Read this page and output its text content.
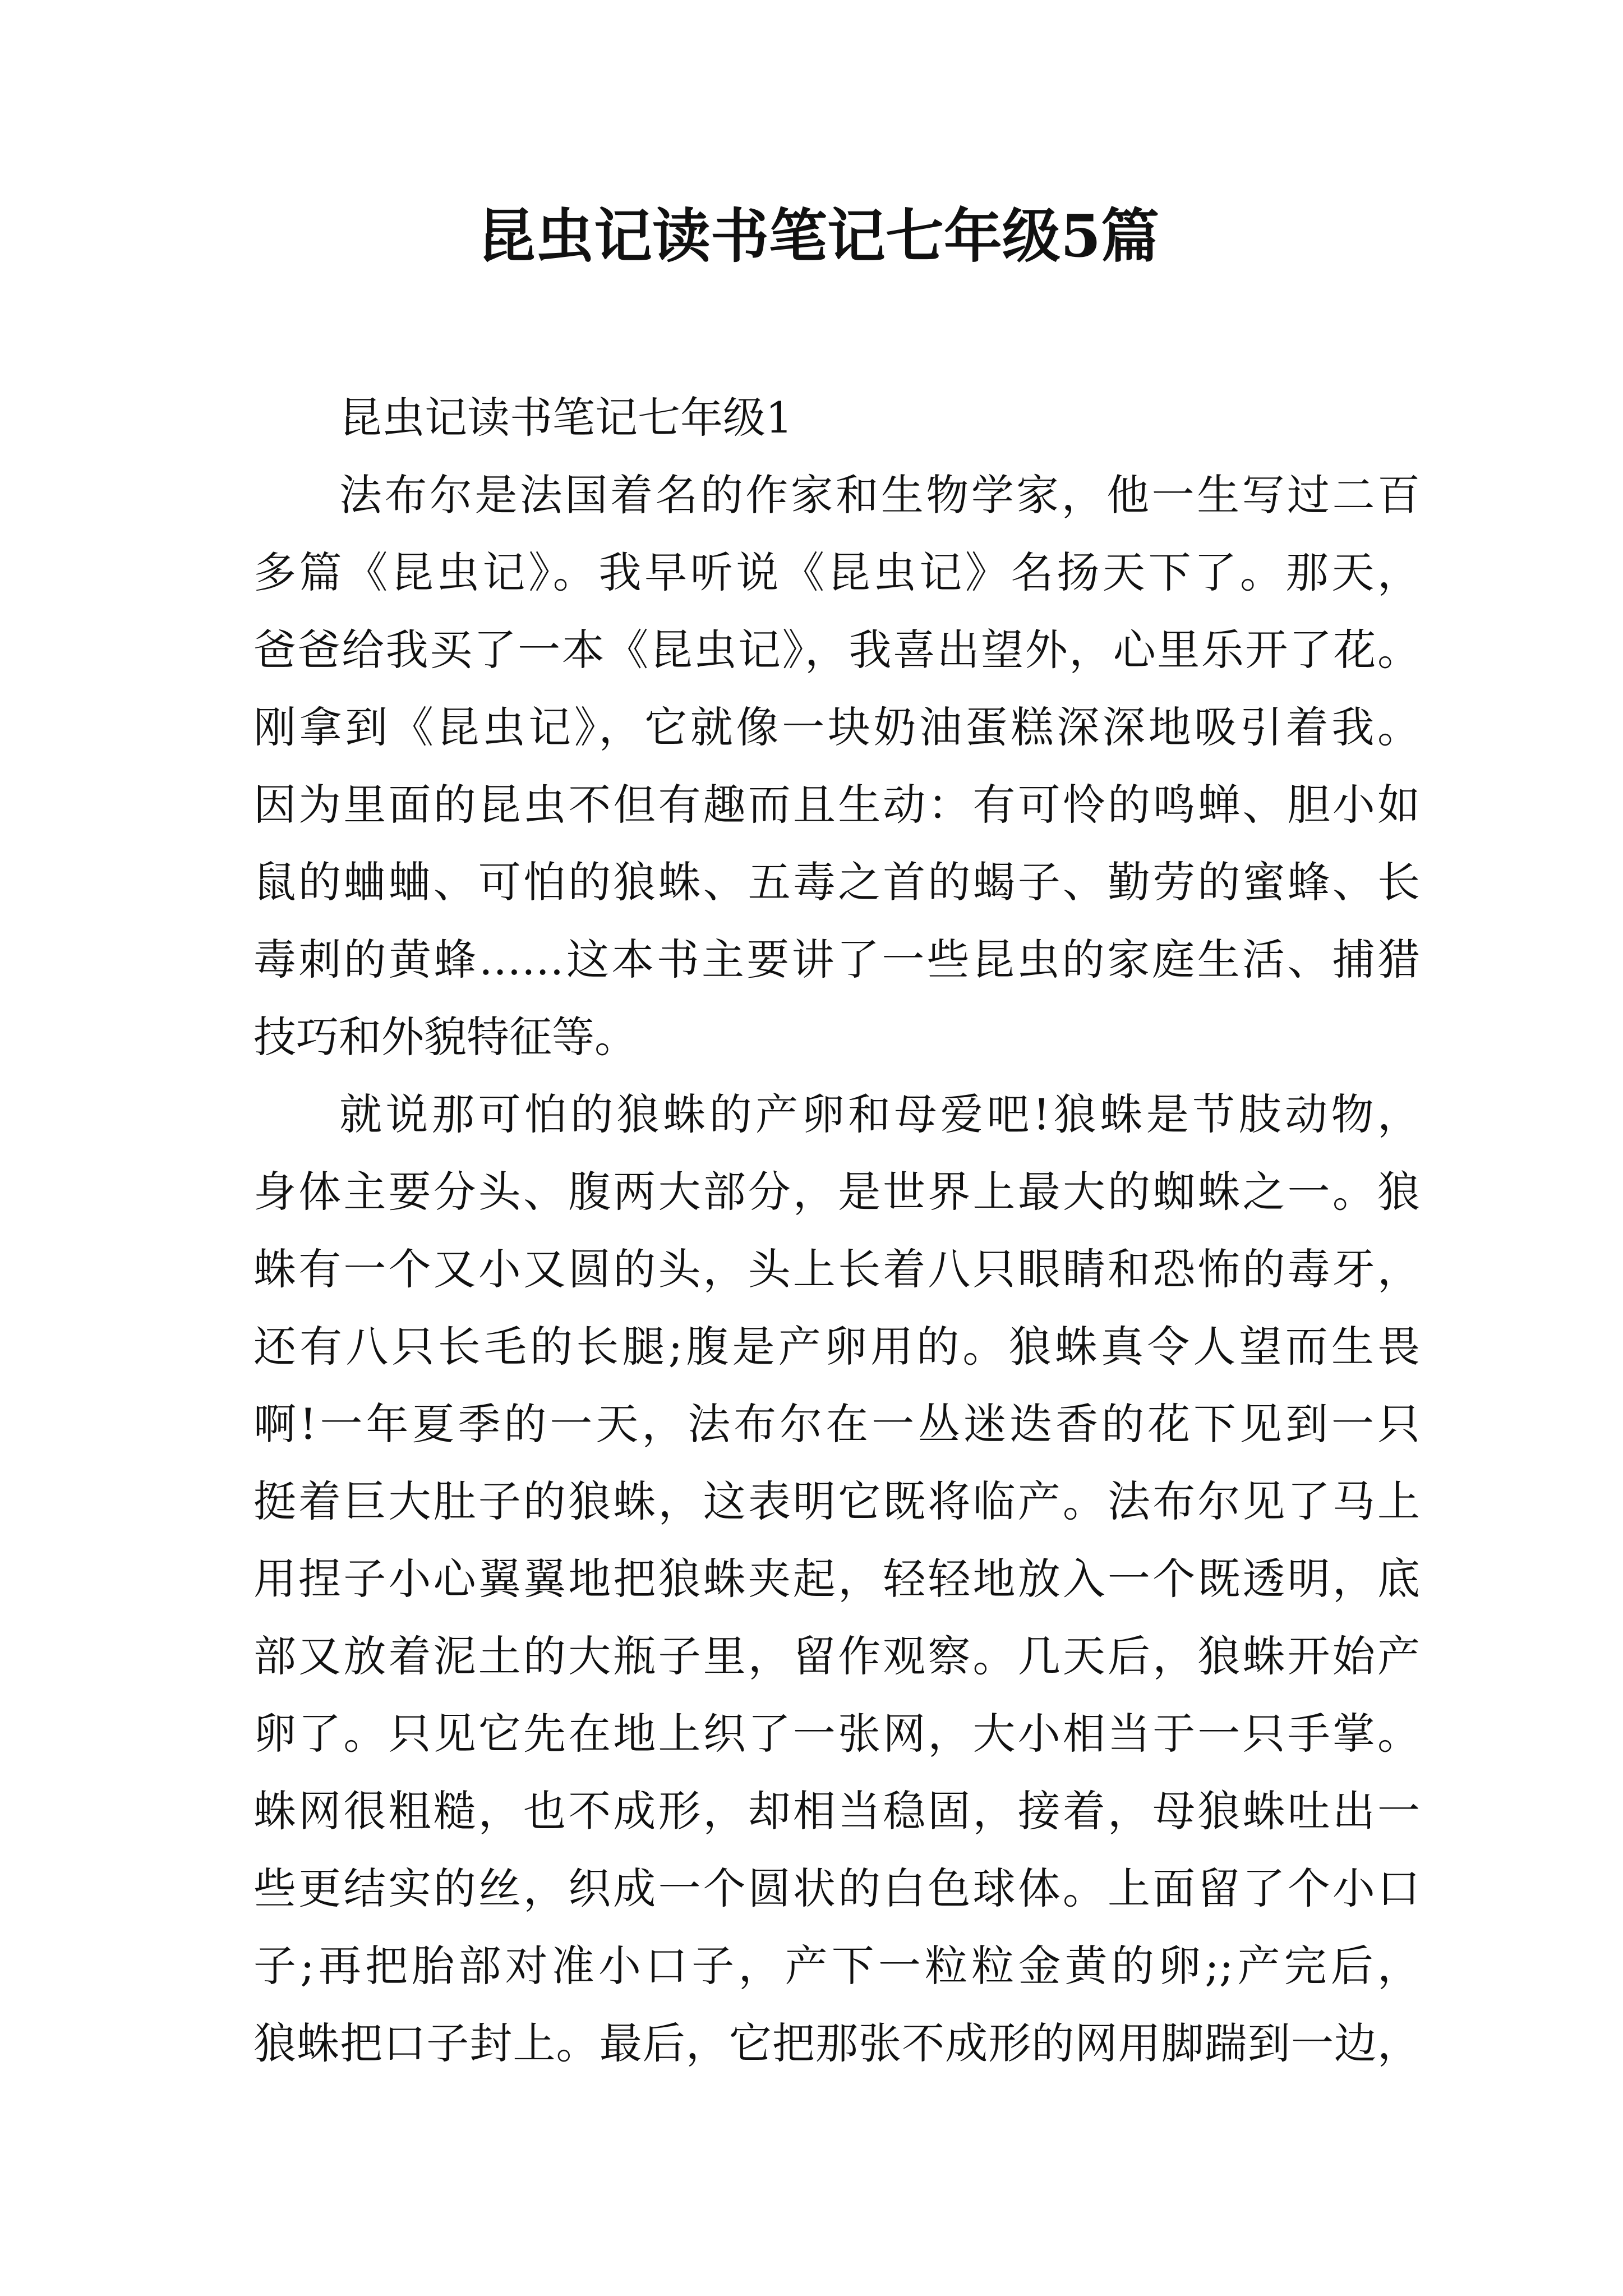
昆虫记读书笔记七年级5篇
昆虫记读书笔记七年级1
法布尔是法国着名的作家和生物学家，他一生写过二百
多篇《昆虫记》。我早听说《昆虫记》名扬天下了。那天，
爸爸给我买了一本《昆虫记》，我喜出望外，心里乐开了花。
刚拿到《昆虫记》，它就像一块奶油蛋糕深深地吸引着我。
因为里面的昆虫不但有趣而且生动：有可怜的鸣蝉、胆小如
鼠的蛐蛐、可怕的狼蛛、五毒之首的蝎子、勤劳的蜜蜂、长
毒刺的黄蜂……这本书主要讲了一些昆虫的家庭生活、捕猎
技巧和外貌特征等。
就说那可怕的狼蛛的产卵和母爱吧!狼蛛是节肢动物，
身体主要分头、腹两大部分，是世界上最大的蜘蛛之一。狼
蛛有一个又小又圆的头，头上长着八只眼睛和恐怖的毒牙，
还有八只长毛的长腿;腹是产卵用的。狼蛛真令人望而生畏
啊!一年夏季的一天，法布尔在一丛迷迭香的花下见到一只
挺着巨大肚子的狼蛛，这表明它既将临产。法布尔见了马上
用捏子小心翼翼地把狼蛛夹起，轻轻地放入一个既透明，底
部又放着泥土的大瓶子里，留作观察。几天后，狼蛛开始产
卵了。只见它先在地上织了一张网，大小相当于一只手掌。
蛛网很粗糙，也不成形，却相当稳固，接着，母狼蛛吐出一
些更结实的丝，织成一个圆状的白色球体。上面留了个小口
子;再把胎部对准小口子，产下一粒粒金黄的卵;;产完后，
狼蛛把口子封上。最后，它把那张不成形的网用脚踹到一边，
